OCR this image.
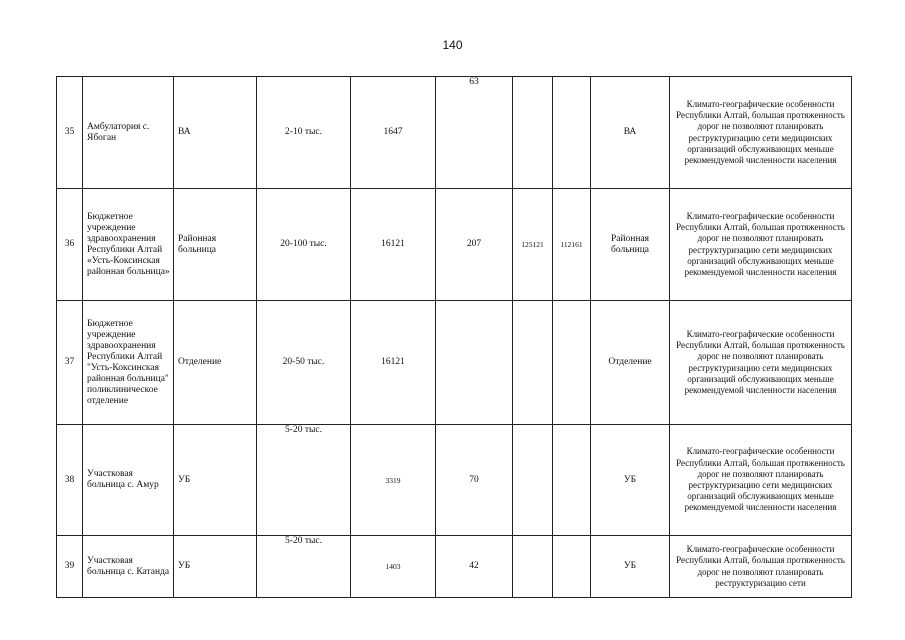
140
35	Амбулатория с. Ябоган	ВА	2-10 тыс.	1647	63			ВА	Климато-географические особенности Республики Алтай, большая протяженность дорог не позволяют планировать реструктуризацию сети медицинских организаций обслуживающих меньше рекомендуемой численности населения
36	Бюджетное учреждение здравоохранения Республики Алтай «Усть-Коксинская районная больница»	Районная больница	20-100 тыс.	16121	207	125121	112161	Районная больница	Климато-географические особенности Республики Алтай, большая протяженность дорог не позволяют планировать реструктуризацию сети медицинских организаций обслуживающих меньше рекомендуемой численности населения
37	Бюджетное учреждение здравоохранения Республики Алтай "Усть-Коксинская районная больница" поликлиническое отделение	Отделение	20-50 тыс.	16121				Отделение	Климато-географические особенности Республики Алтай, большая протяженность дорог не позволяют планировать реструктуризацию сети медицинских организаций обслуживающих меньше рекомендуемой численности населения
38	Участковая больница с. Амур	УБ	5-20 тыс.	3319	70			УБ	Климато-географические особенности Республики Алтай, большая протяженность дорог не позволяют планировать реструктуризацию сети медицинских организаций обслуживающих меньше рекомендуемой численности населения
39	Участковая больница с. Катанда	УБ	5-20 тыс.	1403	42			УБ	Климато-географические особенности Республики Алтай, большая протяженность дорог не позволяют планировать реструктуризацию сети
